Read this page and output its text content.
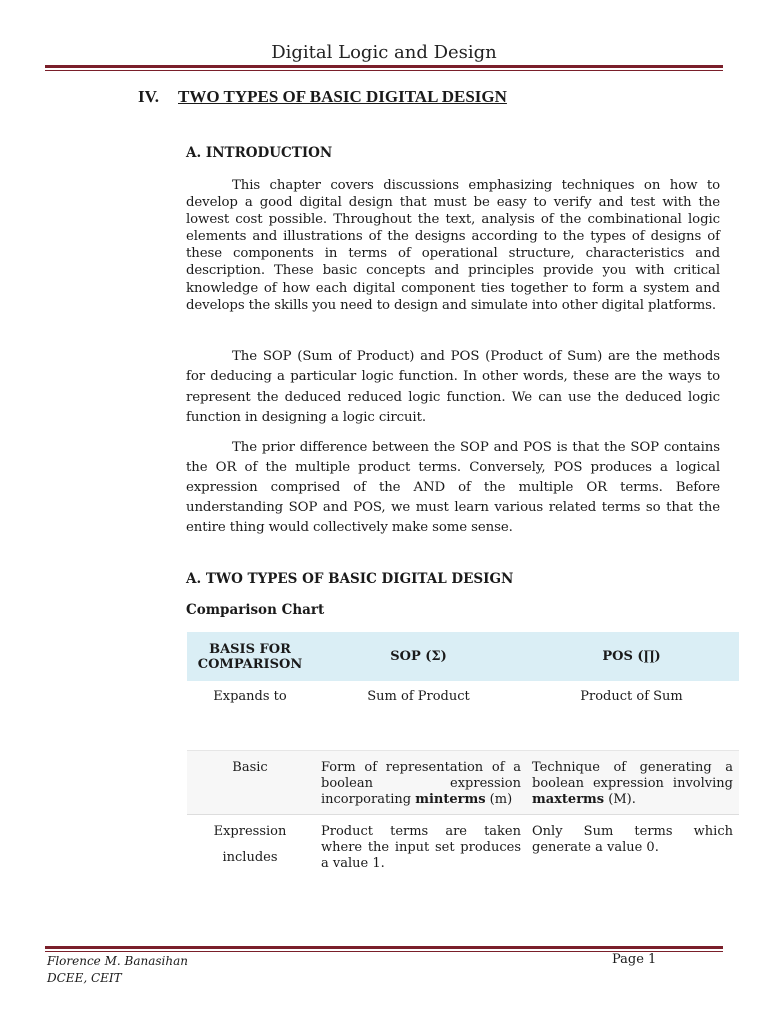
Digital Logic and Design
IV. TWO TYPES OF BASIC DIGITAL DESIGN
A. INTRODUCTION

This chapter covers discussions emphasizing techniques on how to develop a good digital design that must be easy to verify and test with the lowest cost possible. Throughout the text, analysis of the combinational logic elements and illustrations of the designs according to the types of designs of these components in terms of operational structure, characteristics and description. These basic concepts and principles provide you with critical knowledge of how each digital component ties together to form a system and develops the skills you need to design and simulate into other digital platforms.

The SOP (Sum of Product) and POS (Product of Sum) are the methods for deducing a particular logic function. In other words, these are the ways to represent the deduced reduced logic function. We can use the deduced logic function in designing a logic circuit.

The prior difference between the SOP and POS is that the SOP contains the OR of the multiple product terms. Conversely, POS produces a logical expression comprised of the AND of the multiple OR terms. Before understanding SOP and POS, we must learn various related terms so that the entire thing would collectively make some sense.

A. TWO TYPES OF BASIC DIGITAL DESIGN
Comparison Chart
BASIS FOR COMPARISON	SOP (Σ)	POS (∏)
Expands to	Sum of Product	Product of Sum
Basic	Form of representation of a boolean expression incorporating minterms (m)	Technique of generating a boolean expression involving maxterms (M).

Expression
includes	Product terms are taken where the input set produces a value 1.	Only Sum terms which generate a value 0.
Florence M. Banasihan
DCEE, CEIT
Page 1
